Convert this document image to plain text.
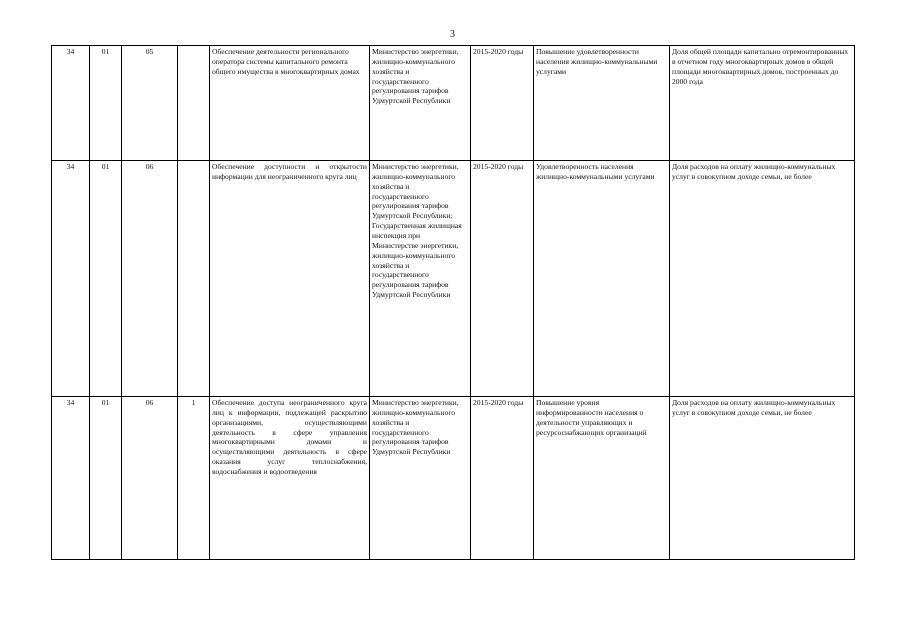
3
34	01	05		Обеспечение деятельности регионального оператора системы капитального ремонта общего имущества в многоквартирных домах	Министерство энергетики, жилищно-коммунального хозяйства и государственного регулирования тарифов Удмуртской Республики	2015-2020 годы	Повышение удовлетворенности населения жилищно-коммунальными услугами	Доля общей площади капитально отремонтированных в отчетном году многоквартирных домов в общей площади многоквартирных домов, построенных до 2000 года
34	01	06		Обеспечение доступности и открытости информации для неограниченного круга лиц	Министерство энергетики, жилищно-коммунального хозяйства и государственного регулирования тарифов Удмуртской Республики; Государственная жилищная инспекция при Министерстве энергетики, жилищно-коммунального хозяйства и государственного регулирования тарифов Удмуртской Республики	2015-2020 годы	Удовлетворенность населения жилищно-коммунальными услугами	Доля расходов на оплату жилищно-коммунальных услуг в совокупном доходе семьи, не более
34	01	06	1	Обеспечение доступа неограниченного круга лиц к информации, подлежащей раскрытию организациями, осуществляющими деятельность в сфере управления многоквартирными домами и осуществляющими деятельность в сфере оказания услуг теплоснабжения, водоснабжения и водоотведения	Министерство энергетики, жилищно-коммунального хозяйства и государственного регулирования тарифов Удмуртской Республики	2015-2020 годы	Повышение уровня информированности населения о деятельности управляющих и ресурсоснабжающих организаций	Доля расходов на оплату жилищно-коммунальных услуг в совокупном доходе семьи, не более
